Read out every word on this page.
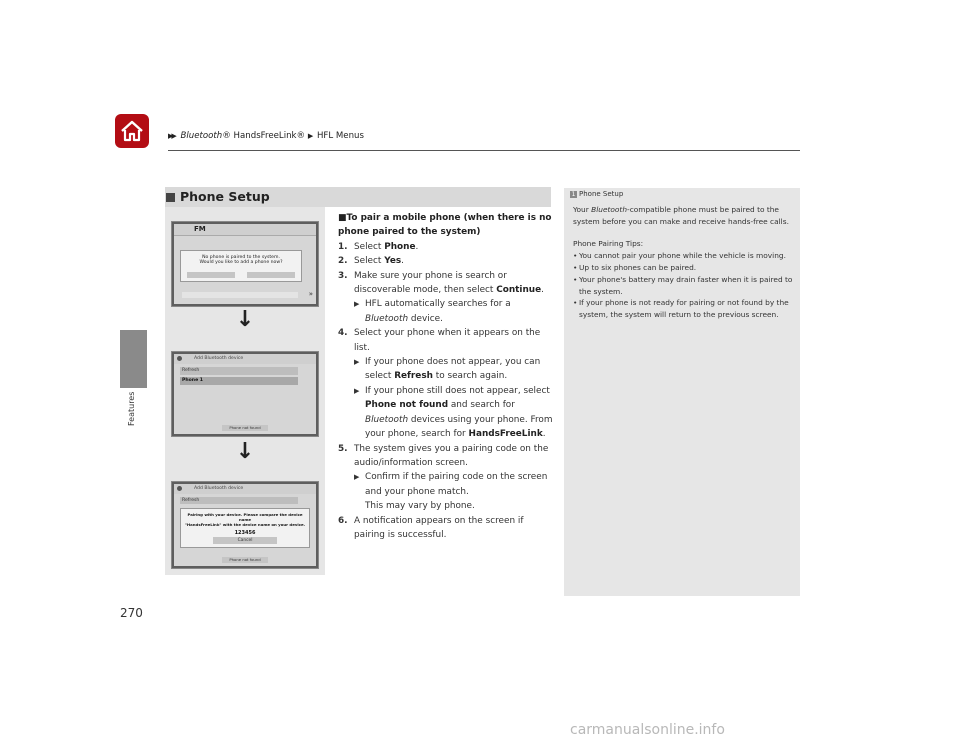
▶▶ Bluetooth® HandsFreeLink® ▶ HFL Menus
Features
Phone Setup
FM
No phone is paired to the system.
Would you like to add a phone now?
»
↓
Add Bluetooth device
Refresh
Phone 1
Phone not found
↓
Add Bluetooth device
Refresh
Pairing with your device. Please compare the device name
"HandsFreeLink" with the device name on your device.
123456
Cancel
Phone not found
■To pair a mobile phone (when there is no phone paired to the system)
1. Select Phone.
2. Select Yes.
3. Make sure your phone is search or discoverable mode, then select Continue.
▶ HFL automatically searches for a Bluetooth device.
4. Select your phone when it appears on the list.
▶ If your phone does not appear, you can select Refresh to search again.
▶ If your phone still does not appear, select Phone not found and search for Bluetooth devices using your phone. From your phone, search for HandsFreeLink.
5. The system gives you a pairing code on the audio/information screen.
▶ Confirm if the pairing code on the screen and your phone match.
This may vary by phone.
6. A notification appears on the screen if pairing is successful.
1 Phone Setup

Your Bluetooth-compatible phone must be paired to the system before you can make and receive hands-free calls.

Phone Pairing Tips:

• You cannot pair your phone while the vehicle is moving.
• Up to six phones can be paired.
• Your phone's battery may drain faster when it is paired to the system.
• If your phone is not ready for pairing or not found by the system, the system will return to the previous screen.
270
carmanualsonline.info
